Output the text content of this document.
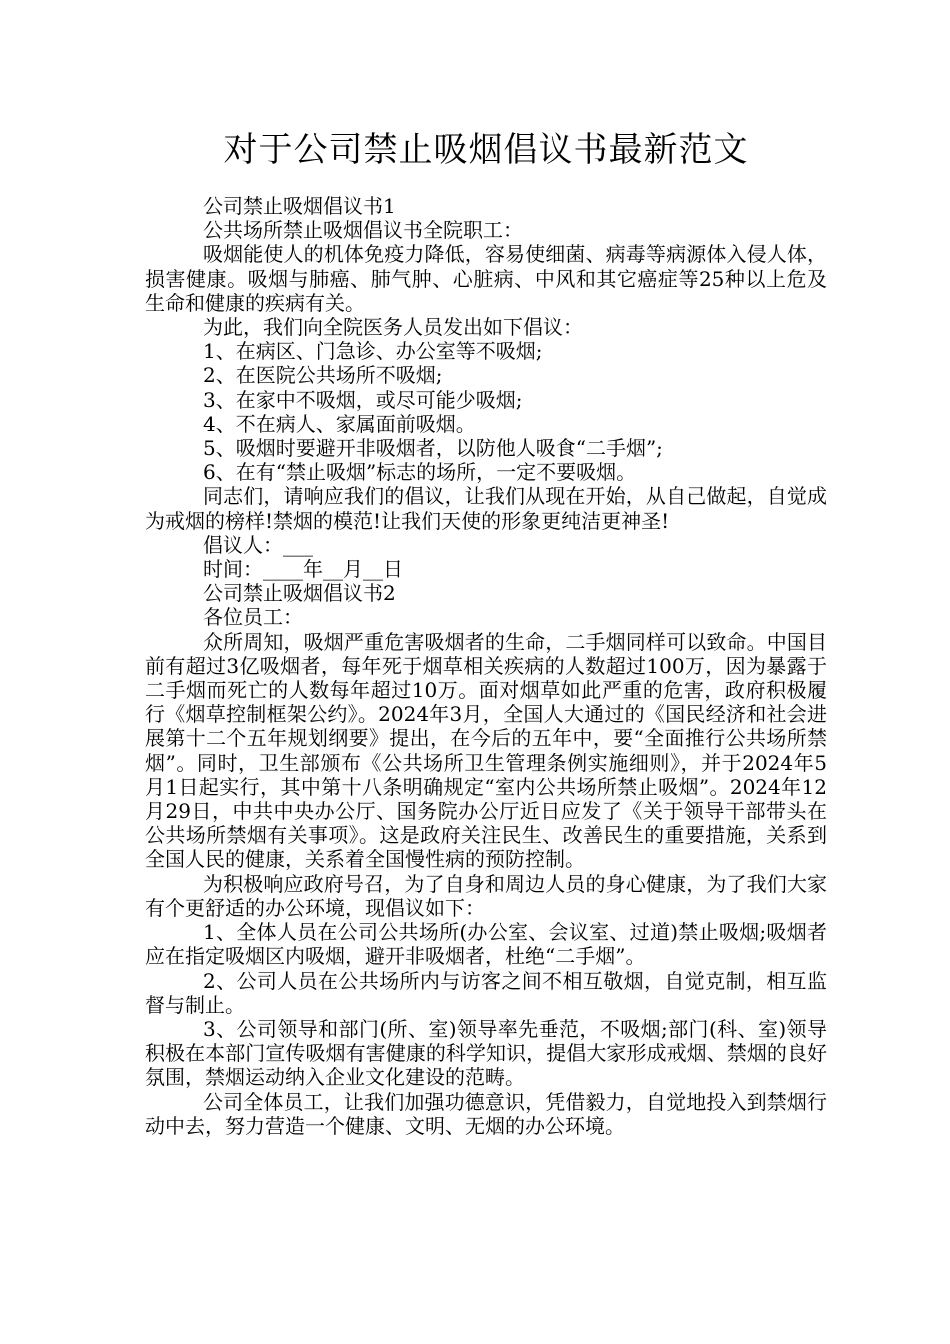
对于公司禁止吸烟倡议书最新范文

公司禁止吸烟倡议书1

公共场所禁止吸烟倡议书全院职工：

吸烟能使人的机体免疫力降低，容易使细菌、病毒等病源体入侵人体，损害健康。吸烟与肺癌、肺气肿、心脏病、中风和其它癌症等25种以上危及生命和健康的疾病有关。

为此，我们向全院医务人员发出如下倡议：

1、在病区、门急诊、办公室等不吸烟;

2、在医院公共场所不吸烟;

3、在家中不吸烟，或尽可能少吸烟;

4、不在病人、家属面前吸烟。

5、吸烟时要避开非吸烟者，以防他人吸食“二手烟”;

6、在有“禁止吸烟”标志的场所，一定不要吸烟。

同志们，请响应我们的倡议，让我们从现在开始，从自己做起，自觉成为戒烟的榜样!禁烟的模范!让我们天使的形象更纯洁更神圣!

倡议人：___

时间：____年__月__日

公司禁止吸烟倡议书2

各位员工：

众所周知，吸烟严重危害吸烟者的生命，二手烟同样可以致命。中国目前有超过3亿吸烟者，每年死于烟草相关疾病的人数超过100万，因为暴露于二手烟而死亡的人数每年超过10万。面对烟草如此严重的危害，政府积极履行《烟草控制框架公约》。2024年3月，全国人大通过的《国民经济和社会进展第十二个五年规划纲要》提出，在今后的五年中，要“全面推行公共场所禁烟”。同时，卫生部颁布《公共场所卫生管理条例实施细则》，并于2024年5月1日起实行，其中第十八条明确规定“室内公共场所禁止吸烟”。2024年12月29日，中共中央办公厅、国务院办公厅近日应发了《关于领导干部带头在公共场所禁烟有关事项》。这是政府关注民生、改善民生的重要措施，关系到全国人民的健康，关系着全国慢性病的预防控制。

为积极响应政府号召，为了自身和周边人员的身心健康，为了我们大家有个更舒适的办公环境，现倡议如下：

1、全体人员在公司公共场所(办公室、会议室、过道)禁止吸烟;吸烟者应在指定吸烟区内吸烟，避开非吸烟者，杜绝“二手烟”。

2、公司人员在公共场所内与访客之间不相互敬烟，自觉克制，相互监督与制止。

3、公司领导和部门(所、室)领导率先垂范，不吸烟;部门(科、室)领导积极在本部门宣传吸烟有害健康的科学知识，提倡大家形成戒烟、禁烟的良好氛围，禁烟运动纳入企业文化建设的范畴。

公司全体员工，让我们加强功德意识，凭借毅力，自觉地投入到禁烟行动中去，努力营造一个健康、文明、无烟的办公环境。
